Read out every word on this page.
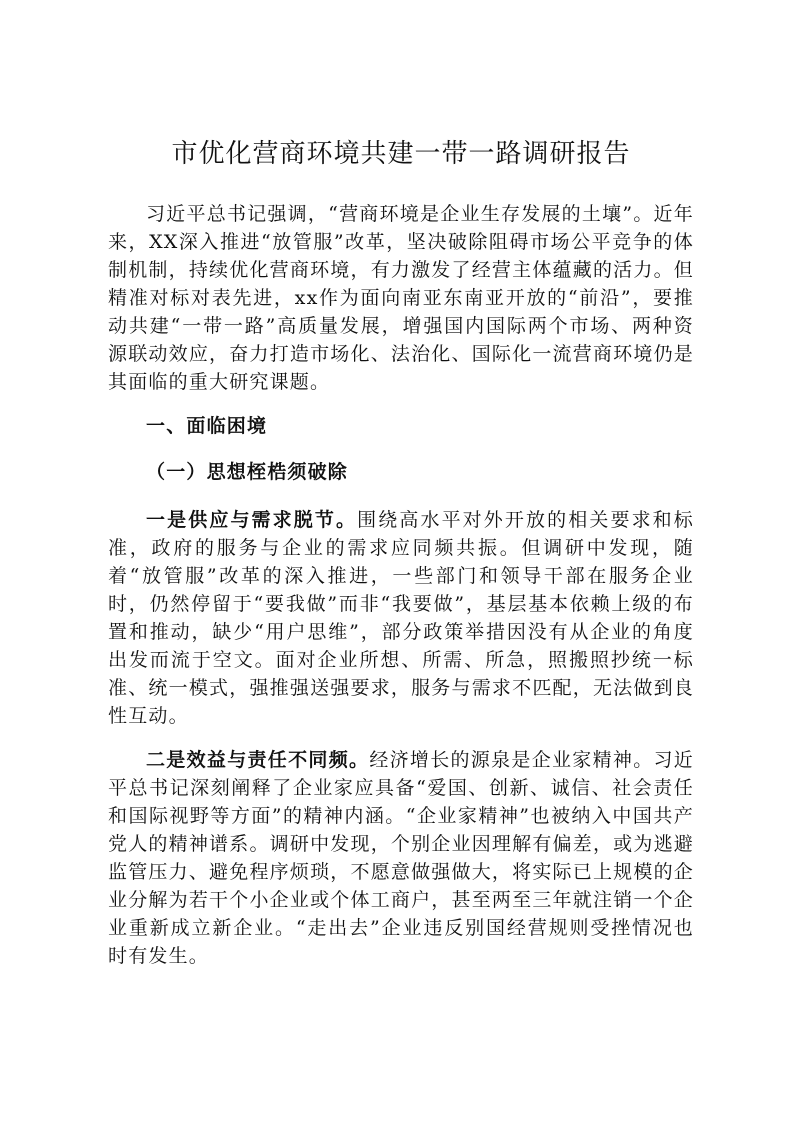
市优化营商环境共建一带一路调研报告

习近平总书记强调，“营商环境是企业生存发展的土壤”。近年来，XX深入推进“放管服”改革，坚决破除阻碍市场公平竞争的体制机制，持续优化营商环境，有力激发了经营主体蕴藏的活力。但精准对标对表先进，xx作为面向南亚东南亚开放的“前沿”，要推动共建“一带一路”高质量发展，增强国内国际两个市场、两种资源联动效应，奋力打造市场化、法治化、国际化一流营商环境仍是其面临的重大研究课题。

一、面临困境
（一）思想桎梏须破除

一是供应与需求脱节。围绕高水平对外开放的相关要求和标准，政府的服务与企业的需求应同频共振。但调研中发现，随着“放管服”改革的深入推进，一些部门和领导干部在服务企业时，仍然停留于“要我做”而非“我要做”，基层基本依赖上级的布置和推动，缺少“用户思维”，部分政策举措因没有从企业的角度出发而流于空文。面对企业所想、所需、所急，照搬照抄统一标准、统一模式，强推强送强要求，服务与需求不匹配，无法做到良性互动。

二是效益与责任不同频。经济增长的源泉是企业家精神。习近平总书记深刻阐释了企业家应具备“爱国、创新、诚信、社会责任和国际视野等方面”的精神内涵。“企业家精神”也被纳入中国共产党人的精神谱系。调研中发现，个别企业因理解有偏差，或为逃避监管压力、避免程序烦琐，不愿意做强做大，将实际已上规模的企业分解为若干个小企业或个体工商户，甚至两至三年就注销一个企业重新成立新企业。“走出去”企业违反别国经营规则受挫情况也时有发生。
